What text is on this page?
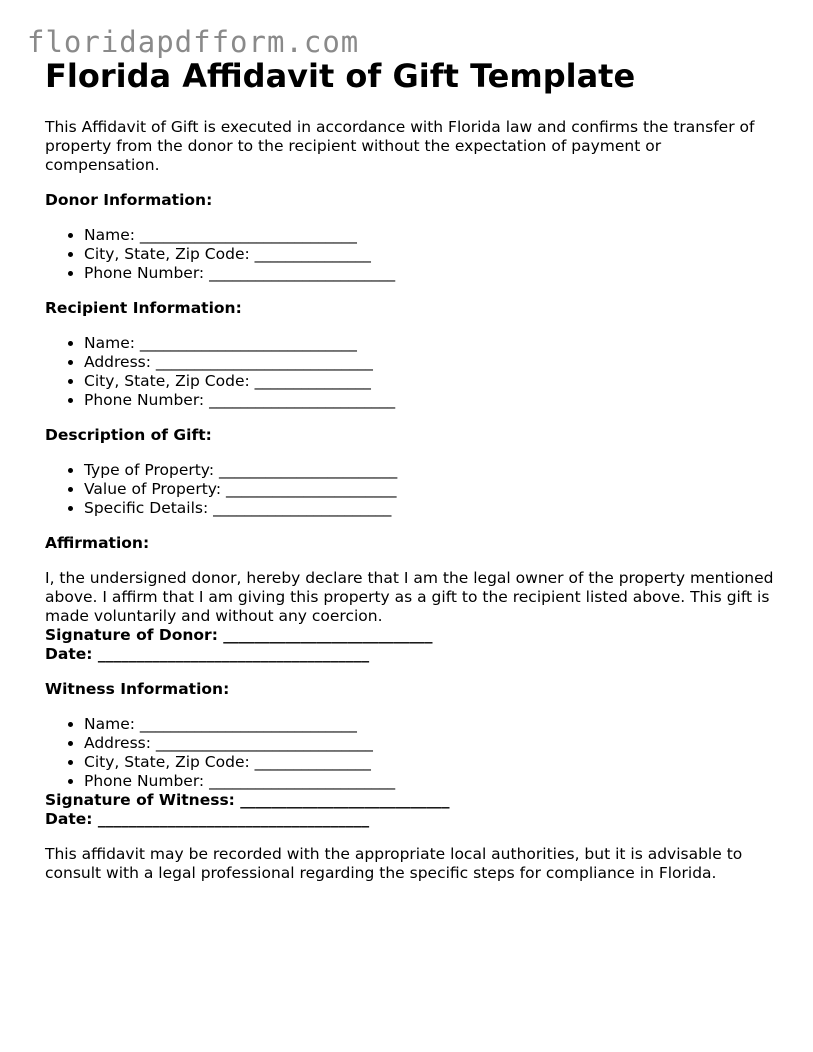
floridapdfform.com
Florida Affidavit of Gift Template

This Affidavit of Gift is executed in accordance with Florida law and confirms the transfer of property from the donor to the recipient without the expectation of payment or compensation.

Donor Information:
• Name: ____________________________
• City, State, Zip Code: _______________
• Phone Number: ________________________
Recipient Information:
• Name: ____________________________
• Address: ____________________________
• City, State, Zip Code: _______________
• Phone Number: ________________________
Description of Gift:
• Type of Property: _______________________
• Value of Property: ______________________
• Specific Details: _______________________
Affirmation:

I, the undersigned donor, hereby declare that I am the legal owner of the property mentioned above. I affirm that I am giving this property as a gift to the recipient listed above. This gift is made voluntarily and without any coercion.

Signature of Donor: ___________________________

Date: ___________________________________

Witness Information:
• Name: ____________________________
• Address: ____________________________
• City, State, Zip Code: _______________
• Phone Number: ________________________

Signature of Witness: ___________________________

Date: ___________________________________

This affidavit may be recorded with the appropriate local authorities, but it is advisable to consult with a legal professional regarding the specific steps for compliance in Florida.
